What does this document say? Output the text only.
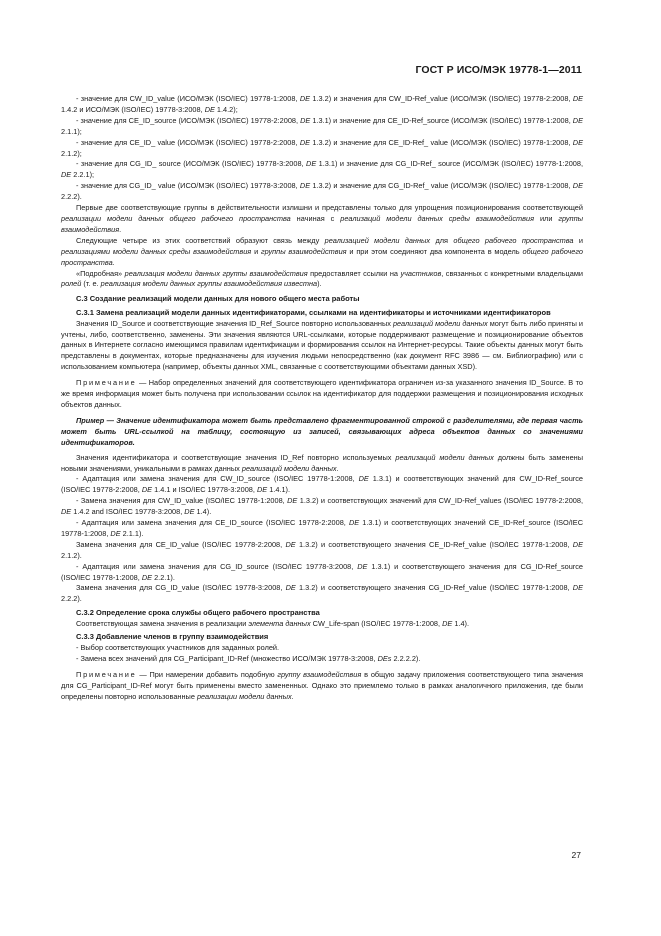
ГОСТ Р ИСО/МЭК 19778-1—2011

- значение для CW_ID_value (ИСО/МЭК (ISO/IEC) 19778-1:2008, DE 1.3.2) и значения для CW_ID-Ref_value (ИСО/МЭК (ISO/IEC) 19778-2:2008, DE 1.4.2 и ИСО/МЭК (ISO/IEC) 19778-3:2008, DE 1.4.2);

- значение для CE_ID_source (ИСО/МЭК (ISO/IEC) 19778-2:2008, DE 1.3.1) и значение для CE_ID-Ref_source (ИСО/МЭК (ISO/IEC) 19778-1:2008, DE 2.1.1);

- значение для CE_ID_ value (ИСО/МЭК (ISO/IEC) 19778-2:2008, DE 1.3.2) и значение для CE_ID-Ref_ value (ИСО/МЭК (ISO/IEC) 19778-1:2008, DE 2.1.2);

- значение для CG_ID_ source (ИСО/МЭК (ISO/IEC) 19778-3:2008, DE 1.3.1) и значение для CG_ID-Ref_ source (ИСО/МЭК (ISO/IEC) 19778-1:2008, DE 2.2.1);

- значение для CG_ID_ value (ИСО/МЭК (ISO/IEC) 19778-3:2008, DE 1.3.2) и значение для CG_ID-Ref_ value (ИСО/МЭК (ISO/IEC) 19778-1:2008, DE 2.2.2).

Первые две соответствующие группы в действительности излишни и представлены только для упрощения позиционирования соответствующей реализации модели данных общего рабочего пространства начиная с реализаций модели данных среды взаимодействия или группы взаимодействия.

Следующие четыре из этих соответствий образуют связь между реализацией модели данных для общего рабочего пространства и реализациями модели данных среды взаимодействия и группы взаимодействия и при этом соединяют два компонента в модель общего рабочего пространства.

«Подробная» реализация модели данных группы взаимодействия предоставляет ссылки на участников, связанных с конкретными владельцами ролей (т. е. реализация модели данных группы взаимодействия известна).

С.3 Создание реализаций модели данных для нового общего места работы
С.3.1 Замена реализаций модели данных идентификаторами, ссылками на идентификаторы и источниками идентификаторов

Значения ID_Source и соответствующие значения ID_Ref_Source повторно использованных реализаций модели данных могут быть либо приняты и учтены, либо, соответственно, заменены. Эти значения являются URL-ссылками, которые поддерживают размещение и позиционирование объектов данных в Интернете согласно имеющимся правилам идентификации и формирования ссылок на Интернет-ресурсы. Такие объекты данных могут быть представлены в документах, которые предназначены для изучения людьми непосредственно (как документ RFC 3986 — см. Библиографию) или с использованием компьютера (например, объекты данных XML, связанные с соответствующими объектами данных XSD).

Примечание — Набор определенных значений для соответствующего идентификатора ограничен из-за указанного значения ID_Source. В то же время информация может быть получена при использовании ссылок на идентификатор для поддержки размещения и позиционирования исходных объектов данных.

Пример — Значение идентификатора может быть представлено фрагментированной строкой с разделителями, где первая часть может быть URL-ссылкой на таблицу, состоящую из записей, связывающих адреса объектов данных со значениями идентификаторов.

Значения идентификатора и соответствующие значения ID_Ref повторно используемых реализаций модели данных должны быть заменены новыми значениями, уникальными в рамках данных реализаций модели данных.

- Адаптация или замена значения для CW_ID_source (ISO/IEC 19778-1:2008, DE 1.3.1) и соответствующих значений для CW_ID-Ref_source (ISO/IEC 19778-2:2008, DE 1.4.1 и ISO/IEC 19778-3:2008, DE 1.4.1).

- Замена значения для CW_ID_value (ISO/IEC 19778-1:2008, DE 1.3.2) и соответствующих значений для CW_ID-Ref_values (ISO/IEC 19778-2:2008, DE 1.4.2 and ISO/IEC 19778-3:2008, DE 1.4).

- Адаптация или замена значения для CE_ID_source (ISO/IEC 19778-2:2008, DE 1.3.1) и соответствующих значений CE_ID-Ref_source (ISO/IEC 19778-1:2008, DE 2.1.1).

Замена значения для CE_ID_value (ISO/IEC 19778-2:2008, DE 1.3.2) и соответствующего значения CE_ID-Ref_value (ISO/IEC 19778-1:2008, DE 2.1.2).

- Адаптация или замена значения для CG_ID_source (ISO/IEC 19778-3:2008, DE 1.3.1) и соответствующего значения для CG_ID-Ref_source (ISO/IEC 19778-1:2008, DE 2.2.1).

Замена значения для CG_ID_value (ISO/IEC 19778-3:2008, DE 1.3.2) и соответствующего значения CG_ID-Ref_value (ISO/IEC 19778-1:2008, DE 2.2.2).

С.3.2 Определение срока службы общего рабочего пространства

Соответствующая замена значения в реализации элемента данных CW_Life-span (ISO/IEC 19778-1:2008, DE 1.4).

С.3.3 Добавление членов в группу взаимодействия

- Выбор соответствующих участников для заданных ролей.

- Замена всех значений для CG_Participant_ID-Ref (множество ИСО/МЭК 19778-3:2008, DEs 2.2.2.2).

Примечание — При намерении добавить подобную группу взаимодействия в общую задачу приложения соответствующего типа значения для CG_Participant_ID-Ref могут быть применены вместо замененных. Однако это приемлемо только в рамках аналогичного приложения, где были определены повторно использованные реализации модели данных.

27
